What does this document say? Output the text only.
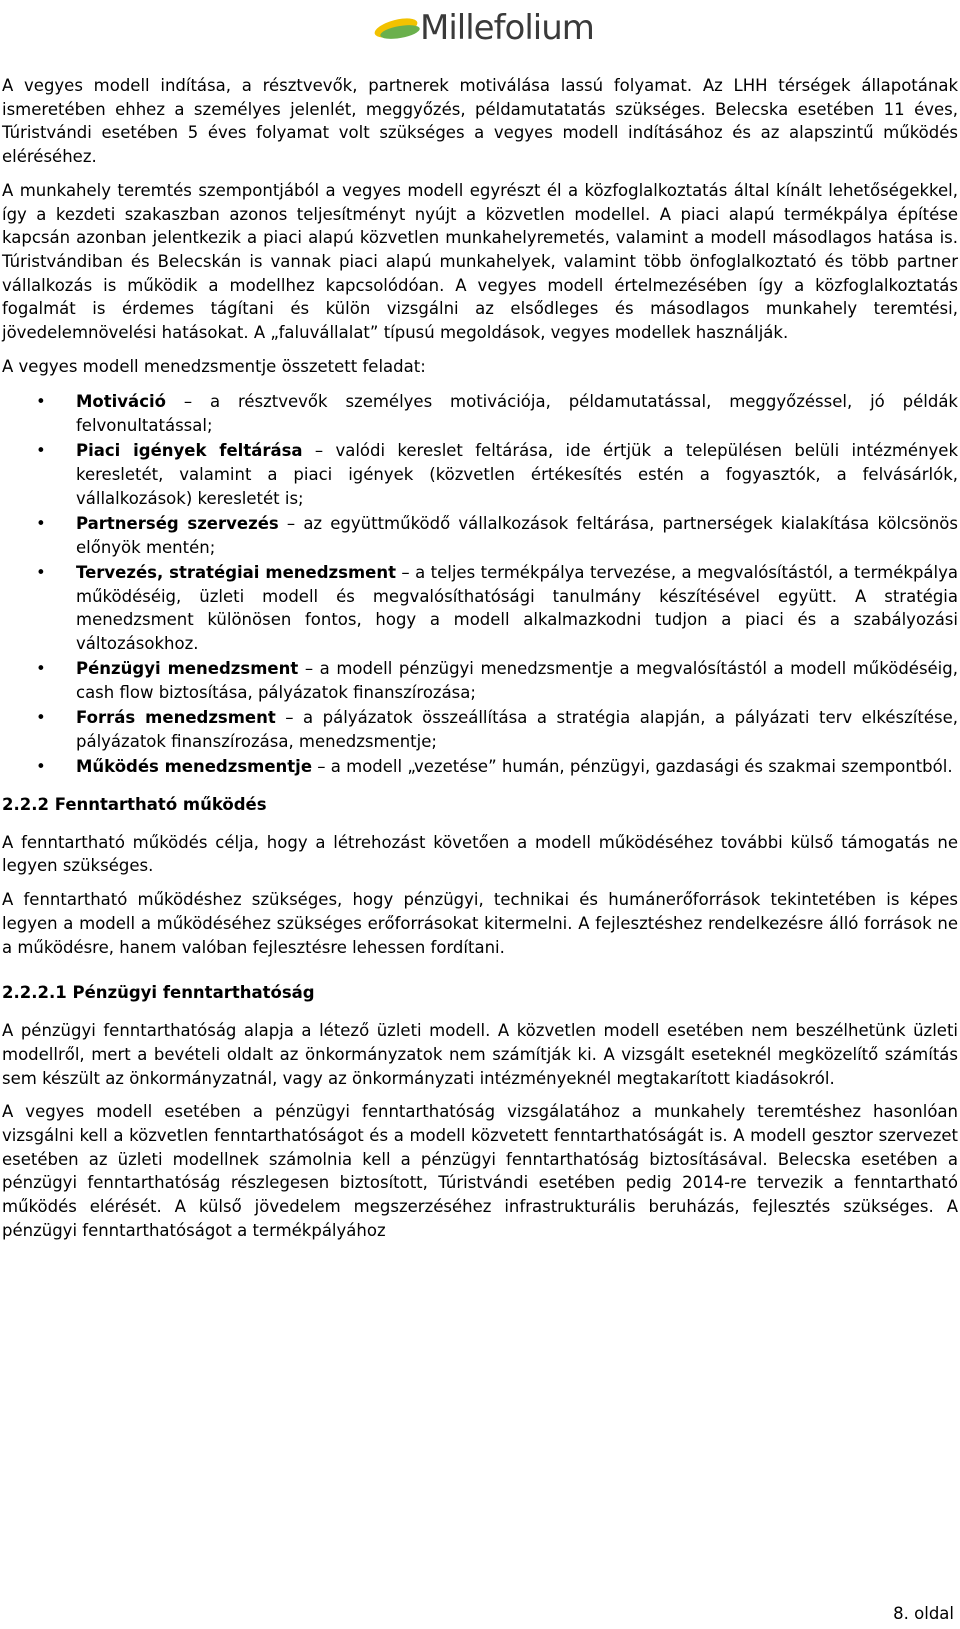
Millefolium

A vegyes modell indítása, a résztvevők, partnerek motiválása lassú folyamat. Az LHH térségek állapotának ismeretében ehhez a személyes jelenlét, meggyőzés, példamutatatás szükséges. Belecska esetében 11 éves, Túristvándi esetében 5 éves folyamat volt szükséges a vegyes modell indításához és az alapszintű működés eléréséhez.

A munkahely teremtés szempontjából a vegyes modell egyrészt él a közfoglalkoztatás által kínált lehetőségekkel, így a kezdeti szakaszban azonos teljesítményt nyújt a közvetlen modellel. A piaci alapú termékpálya építése kapcsán azonban jelentkezik a piaci alapú közvetlen munkahelyremetés, valamint a modell másodlagos hatása is. Túristvándiban és Belecskán is vannak piaci alapú munkahelyek, valamint több önfoglalkoztató és több partner vállalkozás is működik a modellhez kapcsolódóan. A vegyes modell értelmezésében így a közfoglalkoztatás fogalmát is érdemes tágítani és külön vizsgálni az elsődleges és másodlagos munkahely teremtési, jövedelemnövelési hatásokat. A „faluvállalat” típusú megoldások, vegyes modellek használják.

A vegyes modell menedzsmentje összetett feladat:

• Motiváció – a résztvevők személyes motivációja, példamutatással, meggyőzéssel, jó példák felvonultatással;
• Piaci igények feltárása – valódi kereslet feltárása, ide értjük a településen belüli intézmények keresletét, valamint a piaci igények (közvetlen értékesítés estén a fogyasztók, a felvásárlók, vállalkozások) keresletét is;
• Partnerség szervezés – az együttműködő vállalkozások feltárása, partnerségek kialakítása kölcsönös előnyök mentén;
• Tervezés, stratégiai menedzsment – a teljes termékpálya tervezése, a megvalósítástól, a termékpálya működéséig, üzleti modell és megvalósíthatósági tanulmány készítésével együtt. A stratégia menedzsment különösen fontos, hogy a modell alkalmazkodni tudjon a piaci és a szabályozási változásokhoz.
• Pénzügyi menedzsment – a modell pénzügyi menedzsmentje a megvalósítástól a modell működéséig, cash flow biztosítása, pályázatok finanszírozása;
• Forrás menedzsment – a pályázatok összeállítása a stratégia alapján, a pályázati terv elkészítése, pályázatok finanszírozása, menedzsmentje;
• Működés menedzsmentje – a modell „vezetése” humán, pénzügyi, gazdasági és szakmai szempontból.
2.2.2 Fenntartható működés

A fenntartható működés célja, hogy a létrehozást követően a modell működéséhez további külső támogatás ne legyen szükséges.

A fenntartható működéshez szükséges, hogy pénzügyi, technikai és humánerőforrások tekintetében is képes legyen a modell a működéséhez szükséges erőforrásokat kitermelni. A fejlesztéshez rendelkezésre álló források ne a működésre, hanem valóban fejlesztésre lehessen fordítani.

2.2.2.1 Pénzügyi fenntarthatóság

A pénzügyi fenntarthatóság alapja a létező üzleti modell. A közvetlen modell esetében nem beszélhetünk üzleti modellről, mert a bevételi oldalt az önkormányzatok nem számítják ki. A vizsgált eseteknél megközelítő számítás sem készült az önkormányzatnál, vagy az önkormányzati intézményeknél megtakarított kiadásokról.

A vegyes modell esetében a pénzügyi fenntarthatóság vizsgálatához a munkahely teremtéshez hasonlóan vizsgálni kell a közvetlen fenntarthatóságot és a modell közvetett fenntarthatóságát is. A modell gesztor szervezet esetében az üzleti modellnek számolnia kell a pénzügyi fenntarthatóság biztosításával. Belecska esetében a pénzügyi fenntarthatóság részlegesen biztosított, Túristvándi esetében pedig 2014-re tervezik a fenntartható működés elérését. A külső jövedelem megszerzéséhez infrastrukturális beruházás, fejlesztés szükséges. A pénzügyi fenntarthatóságot a termékpályához

8. oldal
